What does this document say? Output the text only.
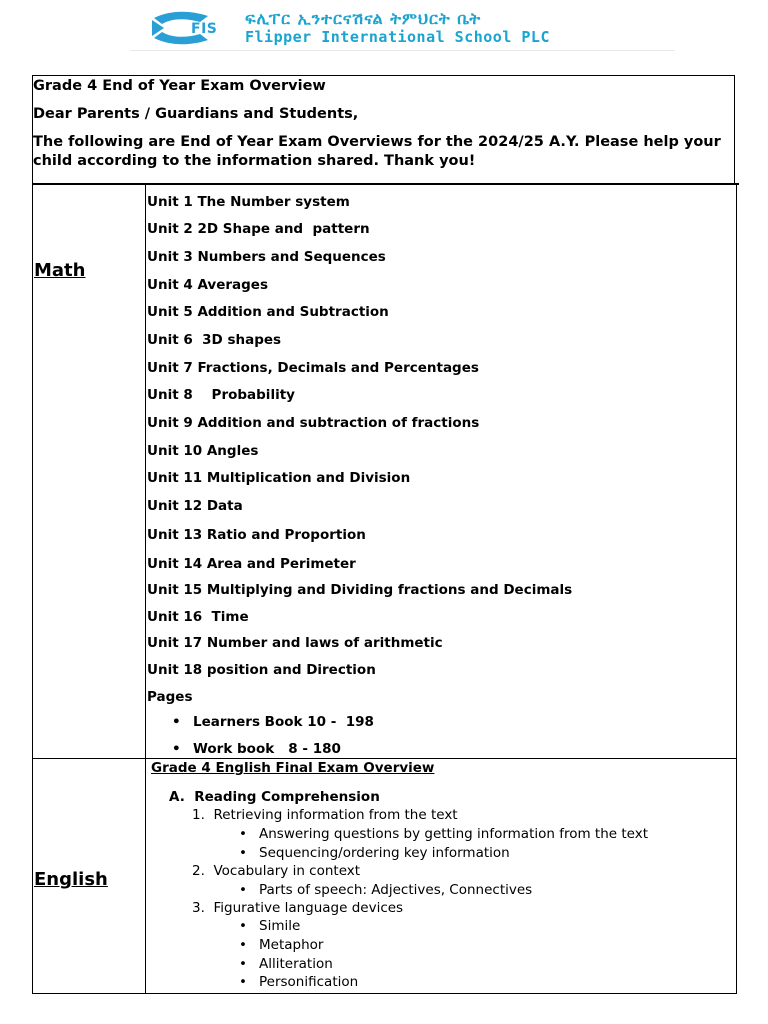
FIS
ፍሊፐር ኢንተርናሽናል ትምህርት ቤት
Flipper International School PLC
Grade 4 End of Year Exam Overview
Dear Parents / Guardians and Students,
The following are End of Year Exam Overviews for the 2024/25 A.Y. Please help your child according to the information shared. Thank you!
Math
Unit 1 The Number system
Unit 2 2D Shape and  pattern
Unit 3 Numbers and Sequences
Unit 4 Averages
Unit 5 Addition and Subtraction
Unit 6  3D shapes
Unit 7 Fractions, Decimals and Percentages
Unit 8    Probability
Unit 9 Addition and subtraction of fractions
Unit 10 Angles
Unit 11 Multiplication and Division
Unit 12 Data
Unit 13 Ratio and Proportion
Unit 14 Area and Perimeter
Unit 15 Multiplying and Dividing fractions and Decimals
Unit 16  Time
Unit 17 Number and laws of arithmetic
Unit 18 position and Direction
Pages
• Learners Book 10 -  198
• Work book   8 - 180
English
Grade 4 English Final Exam Overview
A.  Reading Comprehension
1.  Retrieving information from the text
• Answering questions by getting information from the text
• Sequencing/ordering key information
2.  Vocabulary in context
• Parts of speech: Adjectives, Connectives
3.  Figurative language devices
• Simile
• Metaphor
• Alliteration
• Personification
